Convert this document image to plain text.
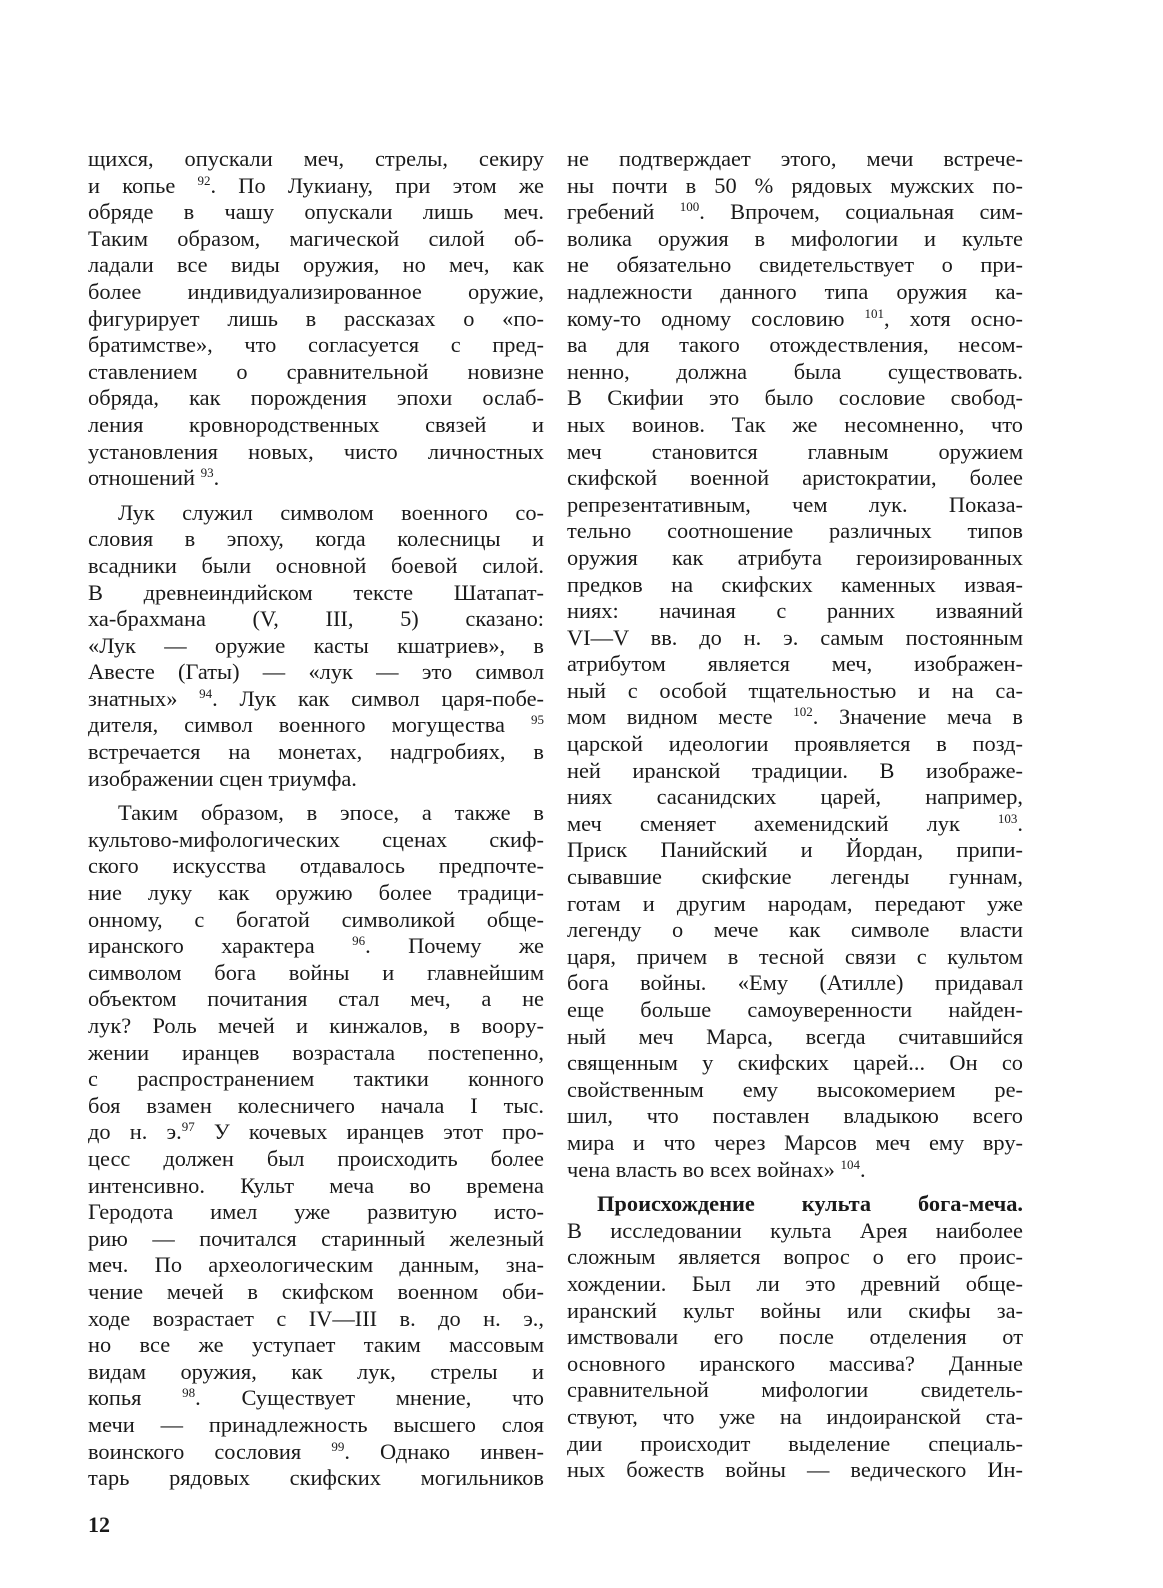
щихся, опускали меч, стрелы, секиру
и копье $^{92}$. По Лукиану, при этом же
обряде в чашу опускали лишь меч.
Таким образом, магической силой об-
ладали все виды оружия, но меч, как
более индивидуализированное оружие,
фигурирует лишь в рассказах о «по-
братимстве», что согласуется с пред-
ставлением о сравнительной новизне
обряда, как порождения эпохи ослаб-
ления кровнородственных связей и
установления новых, чисто личностных
отношений $^{93}$.
Лук служил символом военного со-
словия в эпоху, когда колесницы и
всадники были основной боевой силой.
В древнеиндийском тексте Шатапат-
ха-брахмана (V, III, 5) сказано:
«Лук — оружие касты кшатриев», в
Авесте (Гаты) — «лук — это символ
знатных» $^{94}$. Лук как символ царя-побе-
дителя, символ военного могущества $^{95}$
встречается на монетах, надгробиях, в
изображении сцен триумфа.
Таким образом, в эпосе, а также в
культово-мифологических сценах скиф-
ского искусства отдавалось предпочте-
ние луку как оружию более традици-
онному, с богатой символикой обще-
иранского характера $^{96}$. Почему же
символом бога войны и главнейшим
объектом почитания стал меч, а не
лук? Роль мечей и кинжалов, в вooру-
жении иранцев возрастала постепенно,
с распространением тактики конного
боя взамен колесничего начала I тыс.
до н. э.$^{97}$ У кочевых иранцев этот про-
цесс должен был происходить более
интенсивно. Культ меча во времена
Геродота имел уже развитую исто-
рию — почитался старинный железный
меч. По археологическим данным, зна-
чение мечей в скифском военном оби-
ходе возрастает с IV—III в. до н. э.,
но все же уступает таким массовым
видам оружия, как лук, стрелы и
копья $^{98}$. Существует мнение, что
мечи — принадлежность высшего слоя
воинского сословия $^{99}$. Однако инвен-
тарь рядовых скифских могильников
не подтверждает этого, мечи встрече-
ны почти в 50 % рядовых мужских по-
гребений $^{100}$. Впрочем, социальная сим-
волика оружия в мифологии и культе
не обязательно свидетельствует о при-
надлежности данного типа оружия ка-
кому-то одному сословию $^{101}$, хотя осно-
ва для такого отождествления, несом-
ненно, должна была существовать.
В Скифии это было сословие свобод-
ных воинов. Так же несомненно, что
меч становится главным оружием
скифской военной аристократии, более
репрезентативным, чем лук. Показа-
тельно соотношение различных типов
оружия как атрибута героизированных
предков на скифских каменных извая-
ниях: начиная с ранних изваяний
VI—V вв. до н. э. самым постоянным
атрибутом является меч, изображен-
ный с особой тщательностью и на са-
мом видном месте $^{102}$. Значение меча в
царской идеологии проявляется в позд-
ней иранской традиции. В изображе-
ниях сасанидских царей, например,
меч сменяет ахеменидский лук $^{103}$.
Приск Панийский и Йордан, припи-
сывавшие скифские легенды гуннам,
готам и другим народам, передают уже
легенду о мече как символе власти
царя, причем в тесной связи с культом
бога войны. «Ему (Атилле) придавал
еще больше самоуверенности найден-
ный меч Марса, всегда считавшийся
священным у скифских царей... Он со
свойственным ему высокомерием ре-
шил, что поставлен владыкою всего
мира и что через Марсов меч ему вру-
чена власть во всех войнах» $^{104}$.
Происхождение культа бога-меча.
В исследовании культа Арея наиболее
сложным является вопрос о его проис-
хождении. Был ли это древний обще-
иранский культ войны или скифы за-
имствовали его после отделения от
основного иранского массива? Данные
сравнительной мифологии свидетель-
ствуют, что уже на индоиранской ста-
дии происходит выделение специаль-
ных божеств войны — ведического Ин-
12
